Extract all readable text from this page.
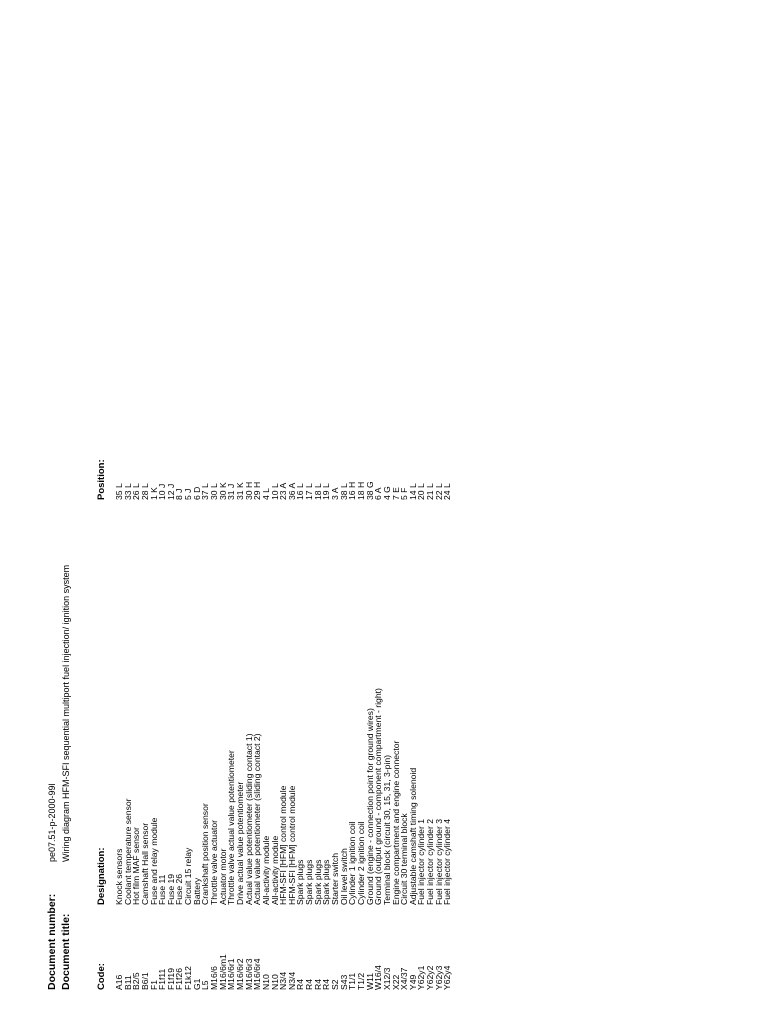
Document number:
pe07.51-p-2000-99l
Document title:
Wiring diagram HFM-SFI sequential multiport fuel injection/ ignition system
Code:
Designation:
Position:
A16
Knock sensors
35 L
B11
Coolant temperature sensor
33 L
B2/5
Hot film MAF sensor
26 L
B6/1
Camshaft Hall sensor
28 L
F1
Fuse and relay module
1 K
F1f11
Fuse 11
10 J
F1f19
Fuse 19
12 J
F1f26
Fuse 26
8 J
F1k12
Circuit 15 relay
5 J
G1
Battery
6 D
L5
Crankshaft position sensor
37 L
M16/6
Throttle valve actuator
30 L
M16/6m1
Actuator motor
30 K
M16/6r1
Throttle valve actual value potentiometer
31 J
M16/6r2
Drive actual value potentiometer
31 K
M16/6r3
Actual value potentiometer (sliding contact 1)
30 H
M16/6r4
Actual value potentiometer (sliding contact 2)
29 H
N10
All-activity module
4 L
N10
All-activity module
10 L
N3/4
HFM-SFI [HFM] control module
23 A
N3/4
HFM-SFI [HFM] control module
36 A
R4
Spark plugs
16 L
R4
Spark plugs
17 L
R4
Spark plugs
18 L
R4
Spark plugs
19 L
S2
Starter switch
3 A
S43
Oil level switch
38 L
T1/1
Cylinder 1 ignition coil
16 H
T1/2
Cylinder 2 ignition coil
18 H
W11
Ground (engine - connection point for ground wires)
38 G
W16/4
Ground (output ground - component compartment - right)
6 A
X12/3
Terminal block (circuit 30, 15, 31, 3-pin)
4 G
X22
Engine compartment and engine connector
7 E
X4/37
Circuit 30 terminal block
5 F
Y49
Adjustable camshaft timing solenoid
14 L
Y62y1
Fuel injector cylinder 1
20 L
Y62y2
Fuel injector cylinder 2
21 L
Y62y3
Fuel injector cylinder 3
22 L
Y62y4
Fuel injector cylinder 4
24 L
